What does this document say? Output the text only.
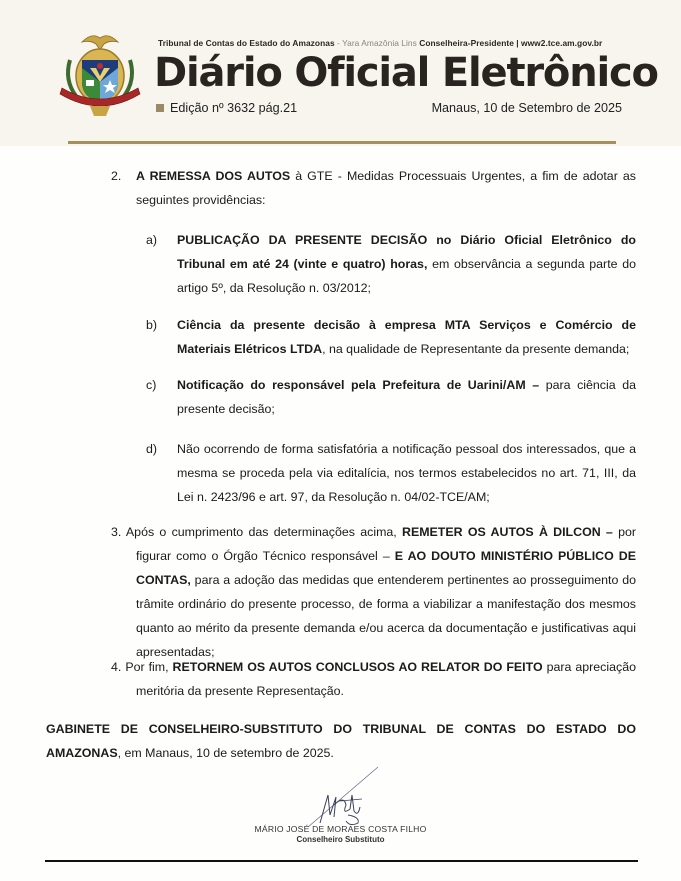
Tribunal de Contas do Estado do Amazonas - Yara Amazônia Lins Conselheira-Presidente | www2.tce.am.gov.br
Diário Oficial Eletrônico
Edição nº 3632 pág.21	Manaus, 10 de Setembro de 2025
2. A REMESSA DOS AUTOS à GTE - Medidas Processuais Urgentes, a fim de adotar as seguintes providências:
a) PUBLICAÇÃO DA PRESENTE DECISÃO no Diário Oficial Eletrônico do Tribunal em até 24 (vinte e quatro) horas, em observância a segunda parte do artigo 5º, da Resolução n. 03/2012;
b) Ciência da presente decisão à empresa MTA Serviços e Comércio de Materiais Elétricos LTDA, na qualidade de Representante da presente demanda;
c) Notificação do responsável pela Prefeitura de Uarini/AM – para ciência da presente decisão;
d) Não ocorrendo de forma satisfatória a notificação pessoal dos interessados, que a mesma se proceda pela via editalícia, nos termos estabelecidos no art. 71, III, da Lei n. 2423/96 e art. 97, da Resolução n. 04/02-TCE/AM;
3. Após o cumprimento das determinações acima, REMETER OS AUTOS À DILCON – por figurar como o Órgão Técnico responsável – E AO DOUTO MINISTÉRIO PÚBLICO DE CONTAS, para a adoção das medidas que entenderem pertinentes ao prosseguimento do trâmite ordinário do presente processo, de forma a viabilizar a manifestação dos mesmos quanto ao mérito da presente demanda e/ou acerca da documentação e justificativas aqui apresentadas;
4. Por fim, RETORNEM OS AUTOS CONCLUSOS AO RELATOR DO FEITO para apreciação meritória da presente Representação.
GABINETE DE CONSELHEIRO-SUBSTITUTO DO TRIBUNAL DE CONTAS DO ESTADO DO AMAZONAS, em Manaus, 10 de setembro de 2025.
MÁRIO JOSÉ DE MORAES COSTA FILHO
Conselheiro Substituto
